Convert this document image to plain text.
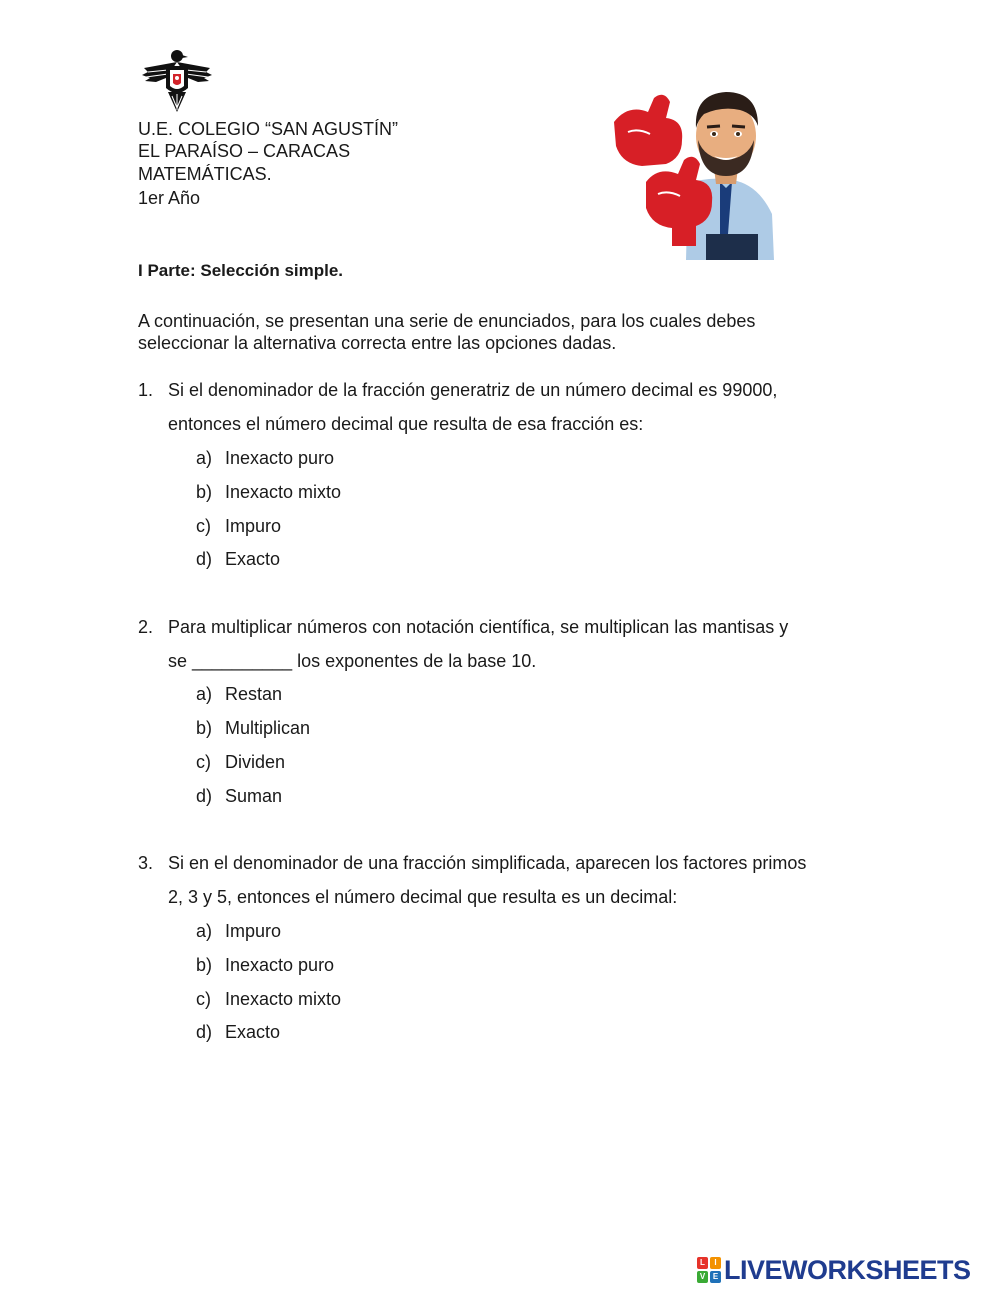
U.E. COLEGIO “SAN AGUSTÍN”
EL PARAÍSO – CARACAS
MATEMÁTICAS.
1er Año
I Parte: Selección simple.
A continuación, se presentan una serie de enunciados, para los cuales debes
seleccionar la alternativa correcta entre las opciones dadas.
1. Si el denominador de la fracción generatriz de un número decimal es 99000,
entonces el número decimal que resulta de esa fracción es:
a) Inexacto puro
b) Inexacto mixto
c) Impuro
d) Exacto
2. Para multiplicar números con notación científica, se multiplican las mantisas y
se __________ los exponentes de la base 10.
a) Restan
b) Multiplican
c) Dividen
d) Suman
3. Si en el denominador de una fracción simplificada, aparecen los factores primos
2, 3 y 5, entonces el número decimal que resulta es un decimal:
a) Impuro
b) Inexacto puro
c) Inexacto mixto
d) Exacto
L	I
V E LIVEWORKSHEETS
